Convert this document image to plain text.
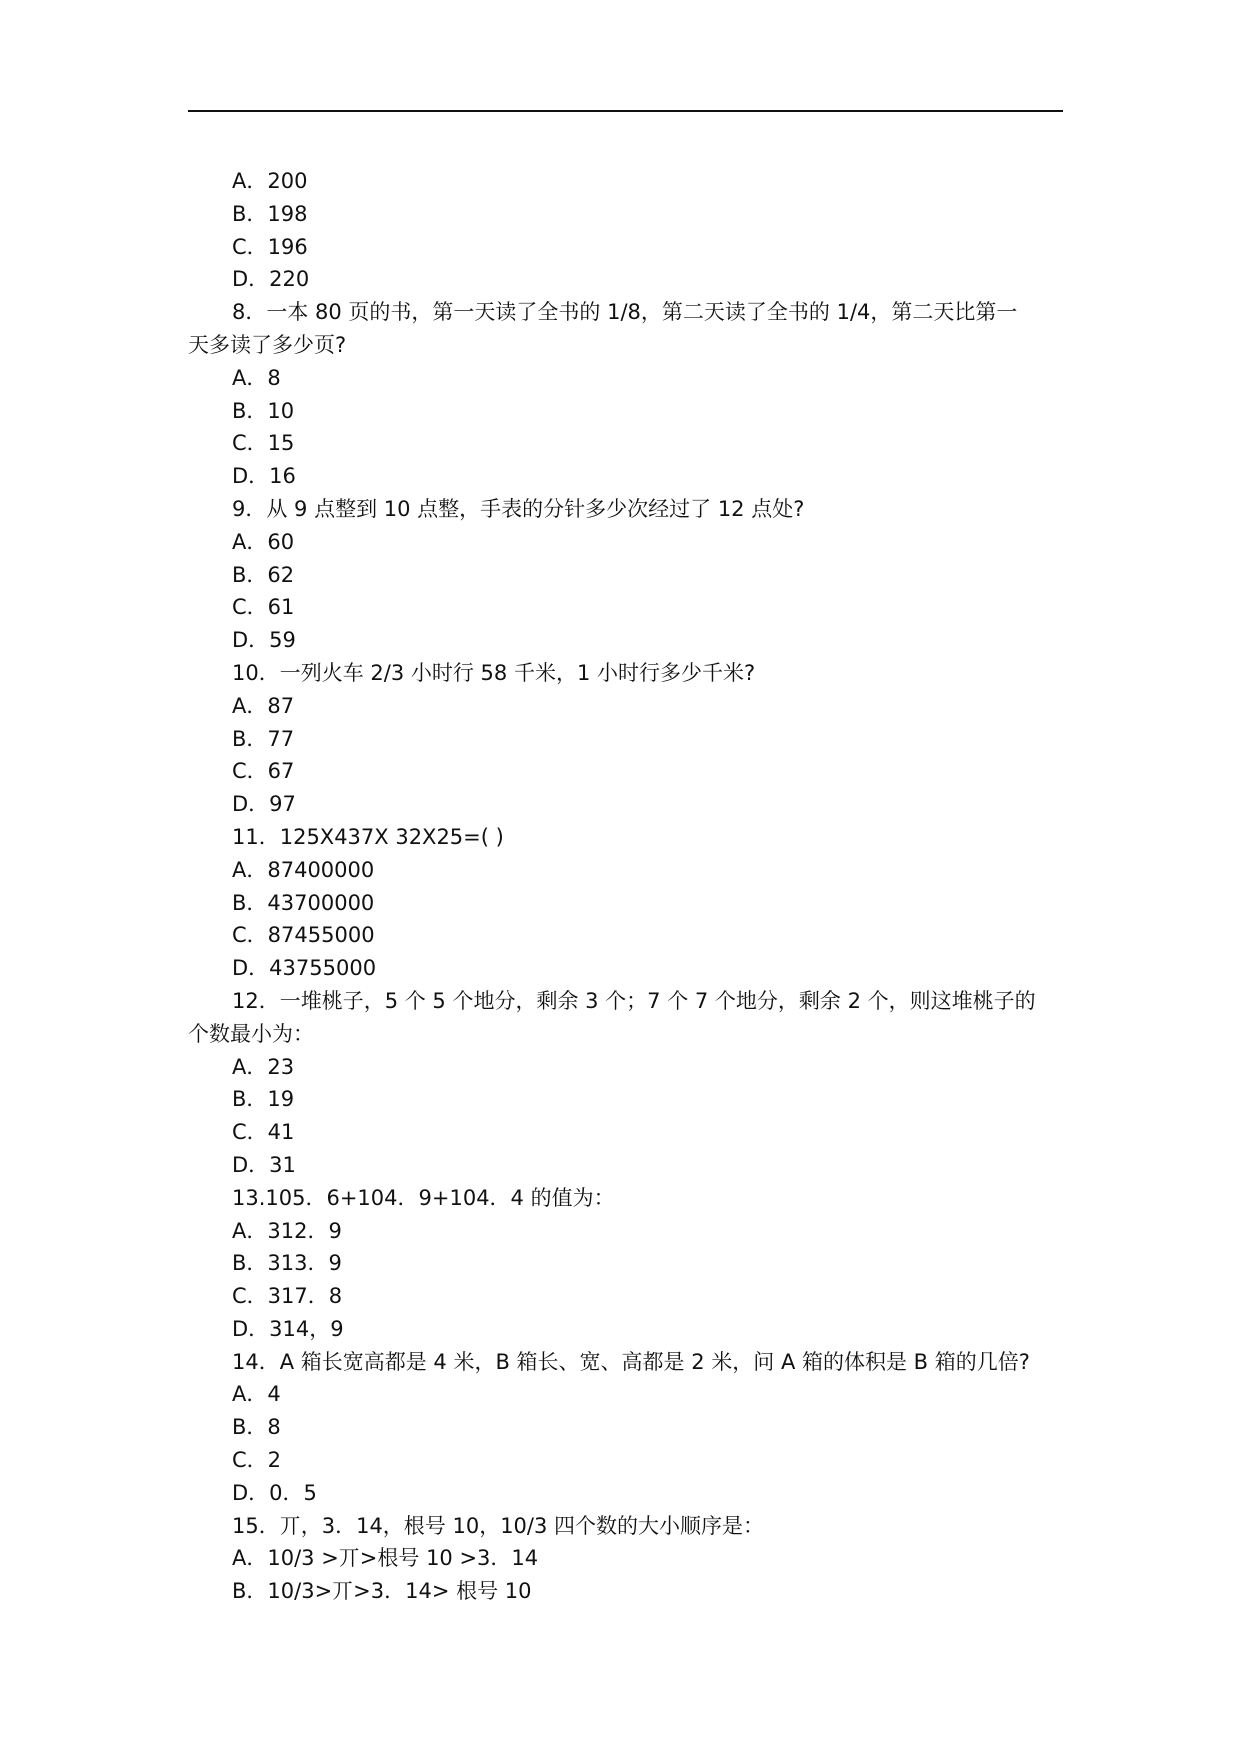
A．200
B．198
C．196
D．220
8．一本 80 页的书，第一天读了全书的 1/8，第二天读了全书的 1/4，第二天比第一
天多读了多少页?
A．8
B．10
C．15
D．16
9．从 9 点整到 10 点整，手表的分针多少次经过了 12 点处?
A．60
B．62
C．61
D．59
10．一列火车 2/3 小时行 58 千米，1 小时行多少千米?
A．87
B．77
C．67
D．97
11．125X437X 32X25=( )
A．87400000
B．43700000
C．87455000
D．43755000
12．一堆桃子，5 个 5 个地分，剩余 3 个；7 个 7 个地分，剩余 2 个，则这堆桃子的
个数最小为：
A．23
B．19
C．41
D．31
13.105．6+104．9+104．4 的值为：
A．312．9
B．313．9
C．317．8
D．314，9
14．A 箱长宽高都是 4 米，B 箱长、宽、高都是 2 米，问 A 箱的体积是 B 箱的几倍?
A．4
B．8
C．2
D．0．5
15．丌，3．14，根号 10，10/3 四个数的大小顺序是：
A．10/3 >丌>根号 10 >3．14
B．10/3>丌>3．14> 根号 10
